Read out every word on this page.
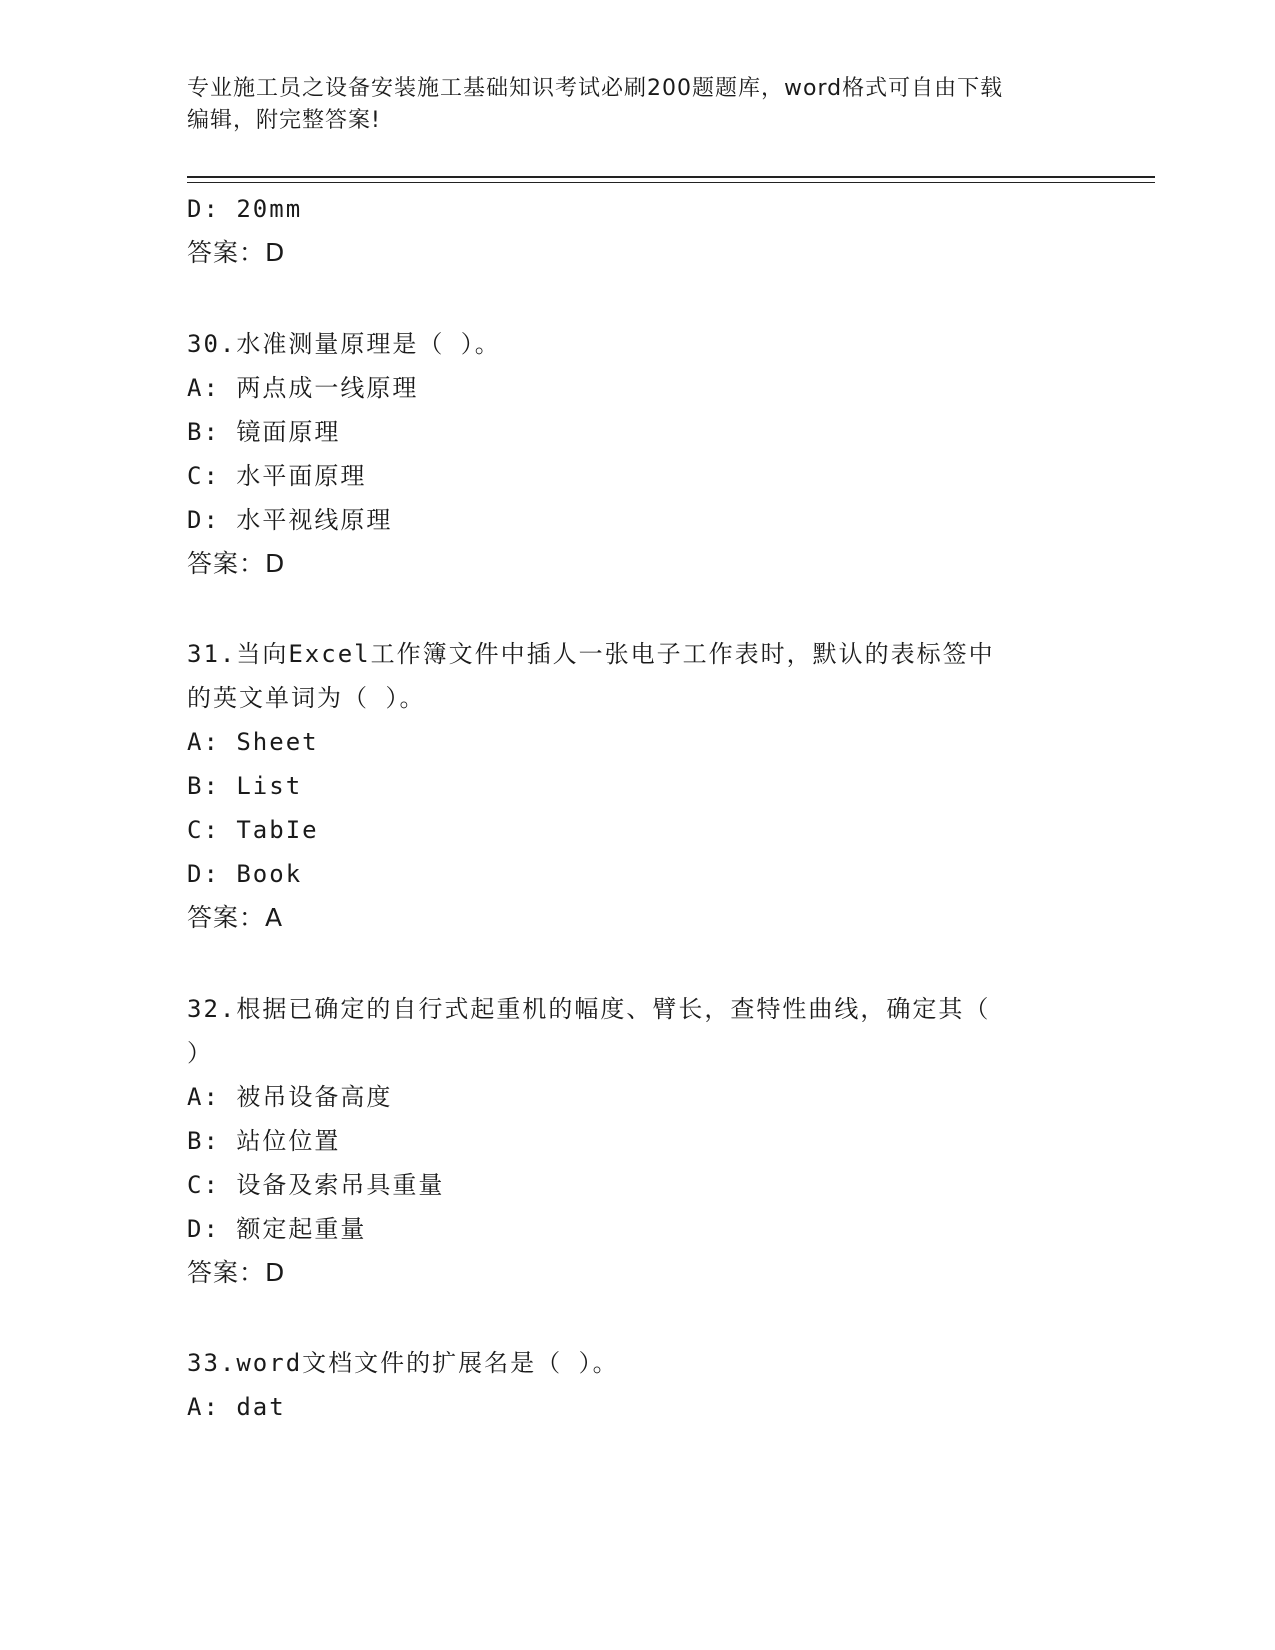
专业施工员之设备安装施工基础知识考试必刷200题题库，word格式可自由下载
编辑，附完整答案!
D: 20mm
答案：D
30.水准测量原理是（ ）。
A: 两点成一线原理
B: 镜面原理
C: 水平面原理
D: 水平视线原理
答案：D
31.当向Excel工作簿文件中插人一张电子工作表时，默认的表标签中
的英文单词为（ ）。
A: Sheet
B: List
C: TabIe
D: Book
答案：A
32.根据已确定的自行式起重机的幅度、臂长，查特性曲线，确定其（
）
A: 被吊设备高度
B: 站位位置
C: 设备及索吊具重量
D: 额定起重量
答案：D
33.word文档文件的扩展名是（ ）。
A: dat
